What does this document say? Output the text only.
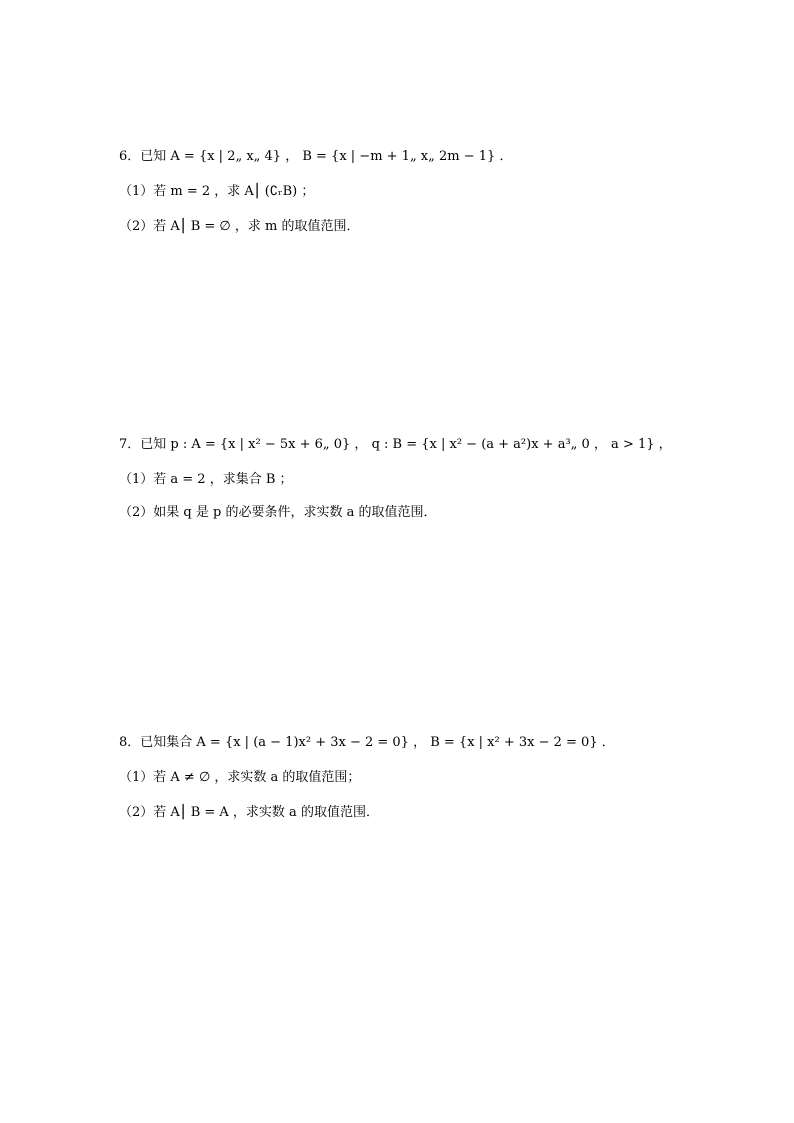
6．已知 A = {x | 2„ x„ 4} ， B = {x | −m + 1„ x„ 2m − 1} ．
（1）若 m = 2 ，求 A⎮ (∁ᵣB) ；
（2）若 A⎮ B = ∅ ，求 m 的取值范围．
7．已知 p : A = {x | x² − 5x + 6„ 0} ， q : B = {x | x² − (a + a²)x + a³„ 0 ， a > 1} ，
（1）若 a = 2 ，求集合 B ；
（2）如果 q 是 p 的必要条件，求实数 a 的取值范围．
8．已知集合 A = {x | (a − 1)x² + 3x − 2 = 0} ， B = {x | x² + 3x − 2 = 0} ．
（1）若 A ≠ ∅ ，求实数 a 的取值范围；
（2）若 A⎮ B = A ，求实数 a 的取值范围．
